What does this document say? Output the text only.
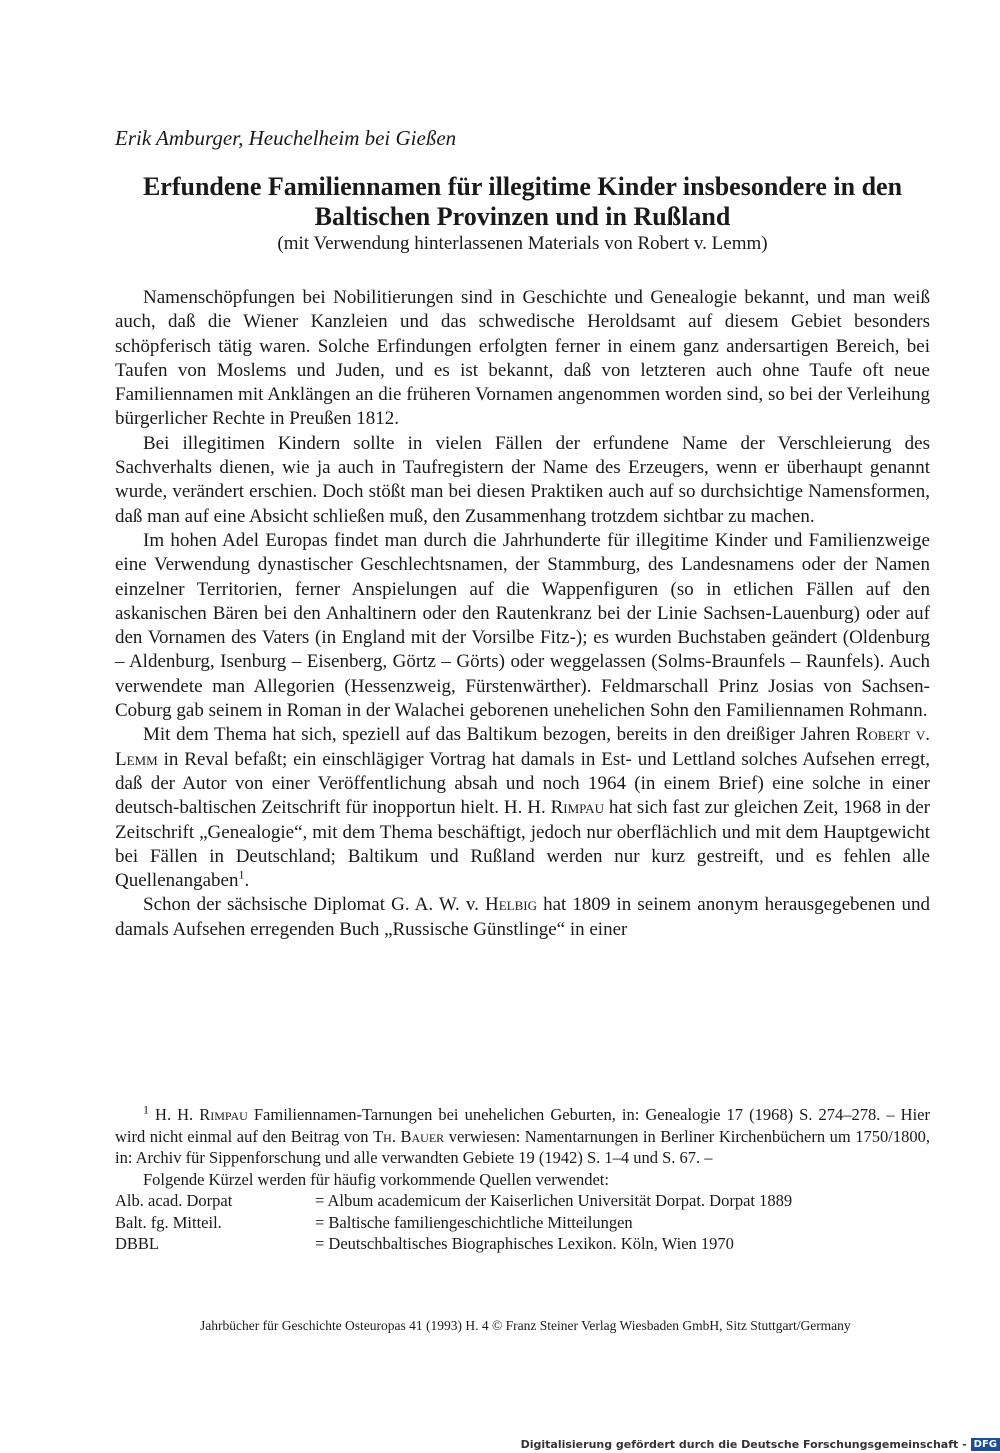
Erik Amburger, Heuchelheim bei Gießen
Erfundene Familiennamen für illegitime Kinder insbesondere in den
Baltischen Provinzen und in Rußland
(mit Verwendung hinterlassenen Materials von Robert v. Lemm)

Namenschöpfungen bei Nobilitierungen sind in Geschichte und Genealogie bekannt, und man weiß auch, daß die Wiener Kanzleien und das schwedische Heroldsamt auf diesem Gebiet besonders schöpferisch tätig waren. Solche Erfindungen erfolgten ferner in einem ganz andersartigen Bereich, bei Taufen von Moslems und Juden, und es ist bekannt, daß von letzteren auch ohne Taufe oft neue Familiennamen mit Anklängen an die früheren Vornamen angenommen worden sind, so bei der Verleihung bürgerlicher Rechte in Preußen 1812.

Bei illegitimen Kindern sollte in vielen Fällen der erfundene Name der Verschleierung des Sachverhalts dienen, wie ja auch in Taufregistern der Name des Erzeugers, wenn er überhaupt genannt wurde, verändert erschien. Doch stößt man bei diesen Praktiken auch auf so durchsichtige Namensformen, daß man auf eine Absicht schließen muß, den Zusammenhang trotzdem sichtbar zu machen.

Im hohen Adel Europas findet man durch die Jahrhunderte für illegitime Kinder und Familienzweige eine Verwendung dynastischer Geschlechtsnamen, der Stammburg, des Landesnamens oder der Namen einzelner Territorien, ferner Anspielungen auf die Wappenfiguren (so in etlichen Fällen auf den askanischen Bären bei den Anhaltinern oder den Rautenkranz bei der Linie Sachsen-Lauenburg) oder auf den Vornamen des Vaters (in England mit der Vorsilbe Fitz-); es wurden Buchstaben geändert (Oldenburg – Aldenburg, Isenburg – Eisenberg, Görtz – Görts) oder weggelassen (Solms-Braunfels – Raunfels). Auch verwendete man Allegorien (Hessenzweig, Fürstenwärther). Feldmarschall Prinz Josias von Sachsen-Coburg gab seinem in Roman in der Walachei geborenen unehelichen Sohn den Familiennamen Rohmann.

Mit dem Thema hat sich, speziell auf das Baltikum bezogen, bereits in den dreißiger Jahren Robert v. Lemm in Reval befaßt; ein einschlägiger Vortrag hat damals in Est- und Lettland solches Aufsehen erregt, daß der Autor von einer Veröffentlichung absah und noch 1964 (in einem Brief) eine solche in einer deutsch-baltischen Zeitschrift für inopportun hielt. H. H. Rimpau hat sich fast zur gleichen Zeit, 1968 in der Zeitschrift „Genealogie“, mit dem Thema beschäftigt, jedoch nur oberflächlich und mit dem Hauptgewicht bei Fällen in Deutschland; Baltikum und Rußland werden nur kurz gestreift, und es fehlen alle Quellenangaben$^1$.

Schon der sächsische Diplomat G. A. W. v. Helbig hat 1809 in seinem anonym herausgegebenen und damals Aufsehen erregenden Buch „Russische Günstlinge“ in einer

$^1$ H. H. Rimpau Familiennamen-Tarnungen bei unehelichen Geburten, in: Genealogie 17 (1968) S. 274–278. – Hier wird nicht einmal auf den Beitrag von Th. Bauer verwiesen: Namentarnungen in Berliner Kirchenbüchern um 1750/1800, in: Archiv für Sippenforschung und alle verwandten Gebiete 19 (1942) S. 1–4 und S. 67. –

Folgende Kürzel werden für häufig vorkommende Quellen verwendet:

Alb. acad. Dorpat	= Album academicum der Kaiserlichen Universität Dorpat. Dorpat 1889
Balt. fg. Mitteil.	= Baltische familiengeschichtliche Mitteilungen
DBBL	= Deutschbaltisches Biographisches Lexikon. Köln, Wien 1970
Jahrbücher für Geschichte Osteuropas 41 (1993) H. 4 © Franz Steiner Verlag Wiesbaden GmbH, Sitz Stuttgart/Germany
Digitalisierung gefördert durch die Deutsche Forschungsgemeinschaft - DFG
